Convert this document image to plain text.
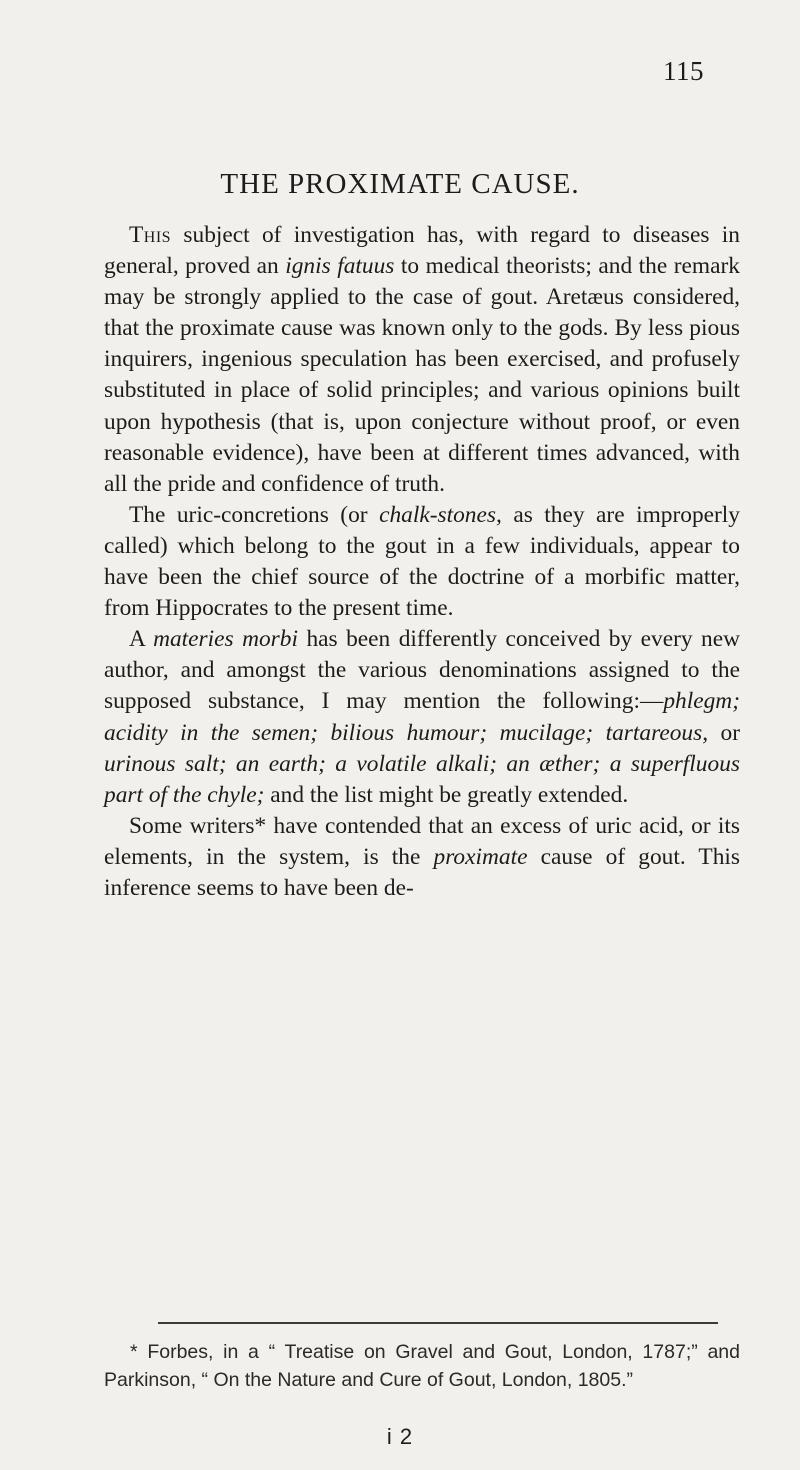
115
THE PROXIMATE CAUSE.

This subject of investigation has, with regard to diseases in general, proved an ignis fatuus to medical theorists; and the remark may be strongly applied to the case of gout. Aretæus considered, that the proximate cause was known only to the gods. By less pious inquirers, ingenious speculation has been exercised, and profusely substituted in place of solid principles; and various opinions built upon hypothesis (that is, upon conjecture without proof, or even reasonable evidence), have been at different times advanced, with all the pride and confidence of truth.

The uric-concretions (or chalk-stones, as they are improperly called) which belong to the gout in a few individuals, appear to have been the chief source of the doctrine of a morbific matter, from Hippocrates to the present time.

A materies morbi has been differently conceived by every new author, and amongst the various denominations assigned to the supposed substance, I may mention the following:—phlegm; acidity in the semen; bilious humour; mucilage; tartareous, or urinous salt; an earth; a volatile alkali; an æther; a superfluous part of the chyle; and the list might be greatly extended.

Some writers* have contended that an excess of uric acid, or its elements, in the system, is the proximate cause of gout. This inference seems to have been de-

* Forbes, in a “ Treatise on Gravel and Gout, London, 1787;” and Parkinson, “ On the Nature and Cure of Gout, London, 1805.”

i 2
